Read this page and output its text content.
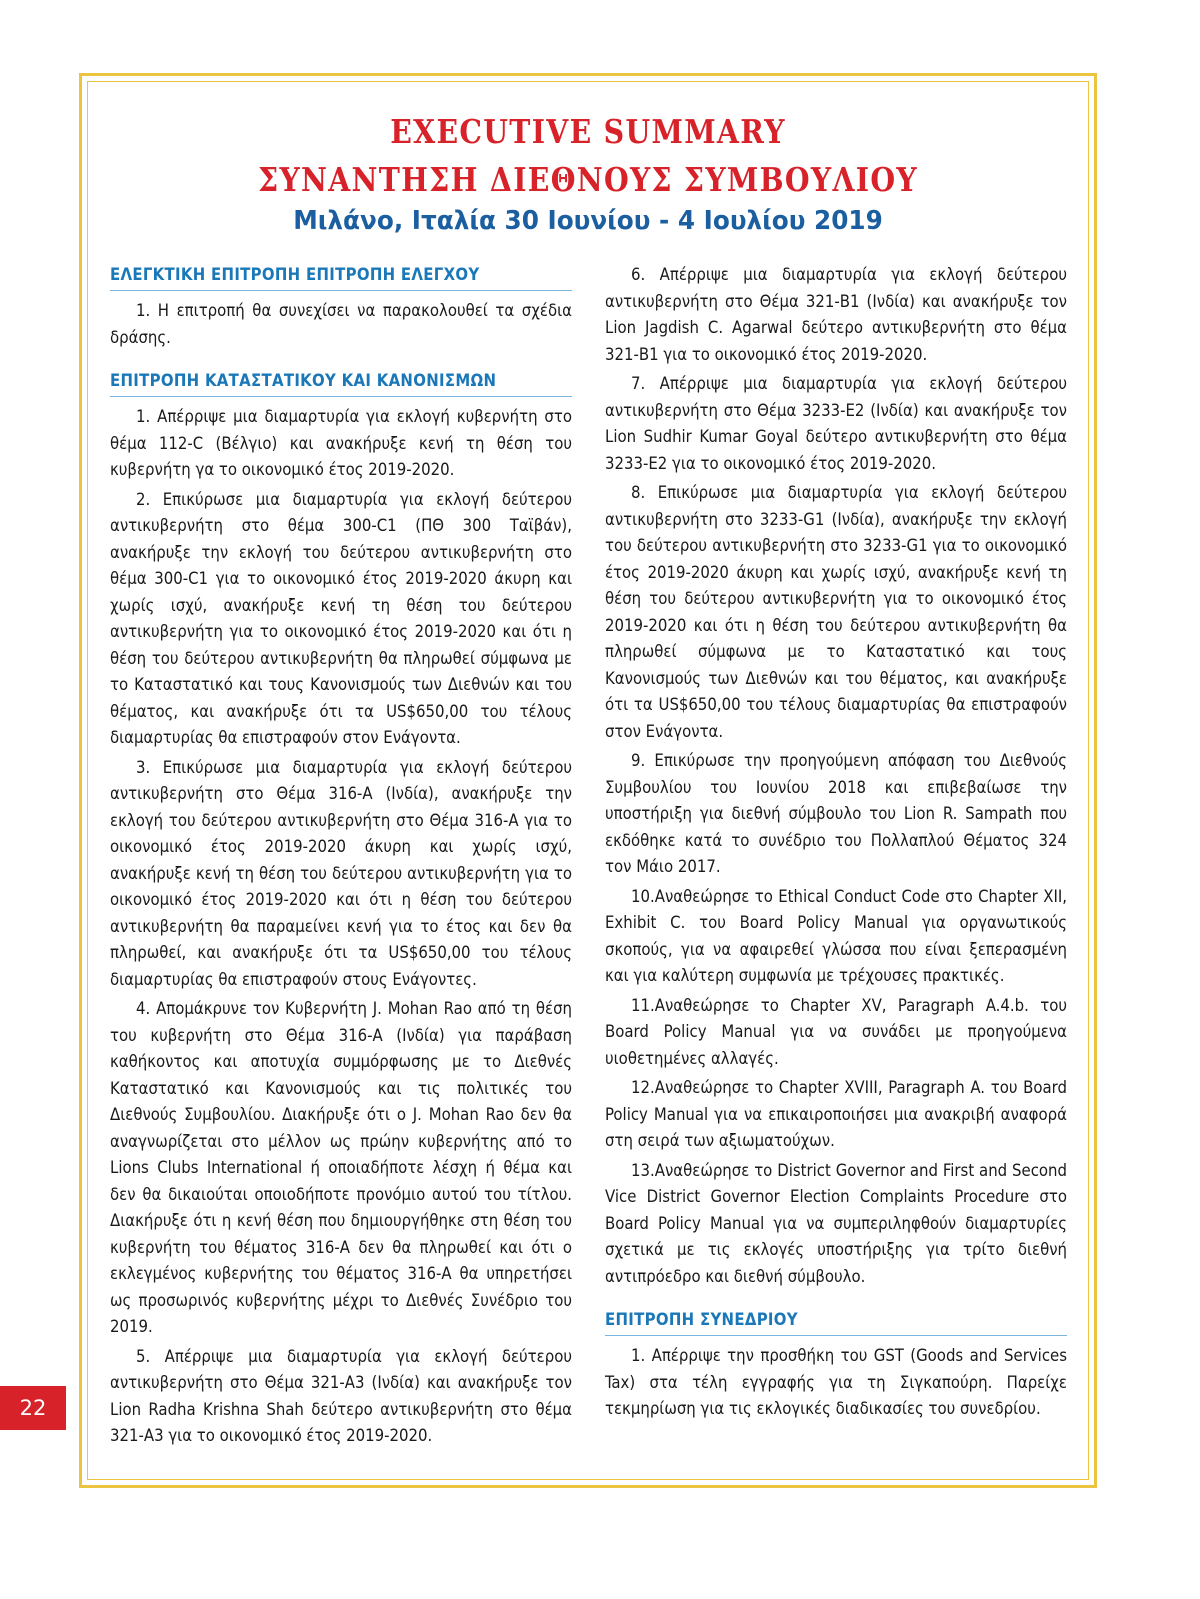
EXECUTIVE SUMMARY
ΣΥΝΑΝΤΗΣΗ ΔΙΕΘΝΟΥΣ ΣΥΜΒΟΥΛΙΟΥ
Μιλάνο, Ιταλία 30 Ιουνίου - 4 Ιουλίου 2019
ΕΛΕΓΚΤΙΚΗ ΕΠΙΤΡΟΠΗ ΕΠΙΤΡΟΠΗ ΕΛΕΓΧΟΥ

1. Η επιτροπή θα συνεχίσει να παρακολουθεί τα σχέδια δράσης.

ΕΠΙΤΡΟΠΗ ΚΑΤΑΣΤΑΤΙΚΟΥ ΚΑΙ ΚΑΝΟΝΙΣΜΩΝ

1. Απέρριψε μια διαμαρτυρία για εκλογή κυβερνήτη στο θέμα 112-C (Βέλγιο) και ανακήρυξε κενή τη θέση του κυβερνήτη γα το οικονομικό έτος 2019-2020.

2. Επικύρωσε μια διαμαρτυρία για εκλογή δεύτερου αντικυβερνήτη στο θέμα 300-C1 (ΠΘ 300 Ταϊβάν), ανακήρυξε την εκλογή του δεύτερου αντικυβερνήτη στο θέμα 300-C1 για το οικονομικό έτος 2019-2020 άκυρη και χωρίς ισχύ, ανακήρυξε κενή τη θέση του δεύτερου αντικυβερνήτη για το οικονομικό έτος 2019-2020 και ότι η θέση του δεύτερου αντικυβερνήτη θα πληρωθεί σύμφωνα με το Καταστατικό και τους Κανονισμούς των Διεθνών και του θέματος, και ανακήρυξε ότι τα US$650,00 του τέλους διαμαρτυρίας θα επιστραφούν στον Ενάγοντα.

3. Επικύρωσε μια διαμαρτυρία για εκλογή δεύτερου αντικυβερνήτη στο Θέμα 316-A (Ινδία), ανακήρυξε την εκλογή του δεύτερου αντικυβερνήτη στο Θέμα 316-A για το οικονομικό έτος 2019-2020 άκυρη και χωρίς ισχύ, ανακήρυξε κενή τη θέση του δεύτερου αντικυβερνήτη για το οικονομικό έτος 2019-2020 και ότι η θέση του δεύτερου αντικυβερνήτη θα παραμείνει κενή για το έτος και δεν θα πληρωθεί, και ανακήρυξε ότι τα US$650,00 του τέλους διαμαρτυρίας θα επιστραφούν στους Ενάγοντες.

4. Απομάκρυνε τον Κυβερνήτη J. Mohan Rao από τη θέση του κυβερνήτη στο Θέμα 316-A (Ινδία) για παράβαση καθήκοντος και αποτυχία συμμόρφωσης με το Διεθνές Καταστατικό και Κανονισμούς και τις πολιτικές του Διεθνούς Συμβουλίου. Διακήρυξε ότι ο J. Mohan Rao δεν θα αναγνωρίζεται στο μέλλον ως πρώην κυβερνήτης από το Lions Clubs International ή οποιαδήποτε λέσχη ή θέμα και δεν θα δικαιούται οποιοδήποτε προνόμιο αυτού του τίτλου. Διακήρυξε ότι η κενή θέση που δημιουργήθηκε στη θέση του κυβερνήτη του θέματος 316-A δεν θα πληρωθεί και ότι ο εκλεγμένος κυβερνήτης του θέματος 316-A θα υπηρετήσει ως προσωρινός κυβερνήτης μέχρι το Διεθνές Συνέδριο του 2019.

5. Απέρριψε μια διαμαρτυρία για εκλογή δεύτερου αντικυβερνήτη στο Θέμα 321-A3 (Ινδία) και ανακήρυξε τον Lion Radha Krishna Shah δεύτερο αντικυβερνήτη στο θέμα 321-A3 για το οικονομικό έτος 2019-2020.

6. Απέρριψε μια διαμαρτυρία για εκλογή δεύτερου αντικυβερνήτη στο Θέμα 321-B1 (Ινδία) και ανακήρυξε τον Lion Jagdish C. Agarwal δεύτερο αντικυβερνήτη στο θέμα 321-B1 για το οικονομικό έτος 2019-2020.

7. Απέρριψε μια διαμαρτυρία για εκλογή δεύτερου αντικυβερνήτη στο Θέμα 3233-E2 (Ινδία) και ανακήρυξε τον Lion Sudhir Kumar Goyal δεύτερο αντικυβερνήτη στο θέμα 3233-E2 για το οικονομικό έτος 2019-2020.

8. Επικύρωσε μια διαμαρτυρία για εκλογή δεύτερου αντικυβερνήτη στο 3233-G1 (Ινδία), ανακήρυξε την εκλογή του δεύτερου αντικυβερνήτη στο 3233-G1 για το οικονομικό έτος 2019-2020 άκυρη και χωρίς ισχύ, ανακήρυξε κενή τη θέση του δεύτερου αντικυβερνήτη για το οικονομικό έτος 2019-2020 και ότι η θέση του δεύτερου αντικυβερνήτη θα πληρωθεί σύμφωνα με το Καταστατικό και τους Κανονισμούς των Διεθνών και του θέματος, και ανακήρυξε ότι τα US$650,00 του τέλους διαμαρτυρίας θα επιστραφούν στον Ενάγοντα.

9. Επικύρωσε την προηγούμενη απόφαση του Διεθνούς Συμβουλίου του Ιουνίου 2018 και επιβεβαίωσε την υποστήριξη για διεθνή σύμβουλο του Lion R. Sampath που εκδόθηκε κατά το συνέδριο του Πολλαπλού Θέματος 324 τον Μάιο 2017.

10.Αναθεώρησε το Ethical Conduct Code στο Chapter XII, Exhibit C. του Board Policy Manual για οργανωτικούς σκοπούς, για να αφαιρεθεί γλώσσα που είναι ξεπερασμένη και για καλύτερη συμφωνία με τρέχουσες πρακτικές.

11.Αναθεώρησε το Chapter XV, Paragraph A.4.b. του Board Policy Manual για να συνάδει με προηγούμενα υιοθετημένες αλλαγές.

12.Αναθεώρησε το Chapter XVIII, Paragraph A. του Board Policy Manual για να επικαιροποιήσει μια ανακριβή αναφορά στη σειρά των αξιωματούχων.

13.Αναθεώρησε το District Governor and First and Second Vice District Governor Election Complaints Procedure στο Board Policy Manual για να συμπεριληφθούν διαμαρτυρίες σχετικά με τις εκλογές υποστήριξης για τρίτο διεθνή αντιπρόεδρο και διεθνή σύμβουλο.

ΕΠΙΤΡΟΠΗ ΣΥΝΕΔΡΙΟΥ

1. Απέρριψε την προσθήκη του GST (Goods and Services Tax) στα τέλη εγγραφής για τη Σιγκαπούρη. Παρείχε τεκμηρίωση για τις εκλογικές διαδικασίες του συνεδρίου.

22
